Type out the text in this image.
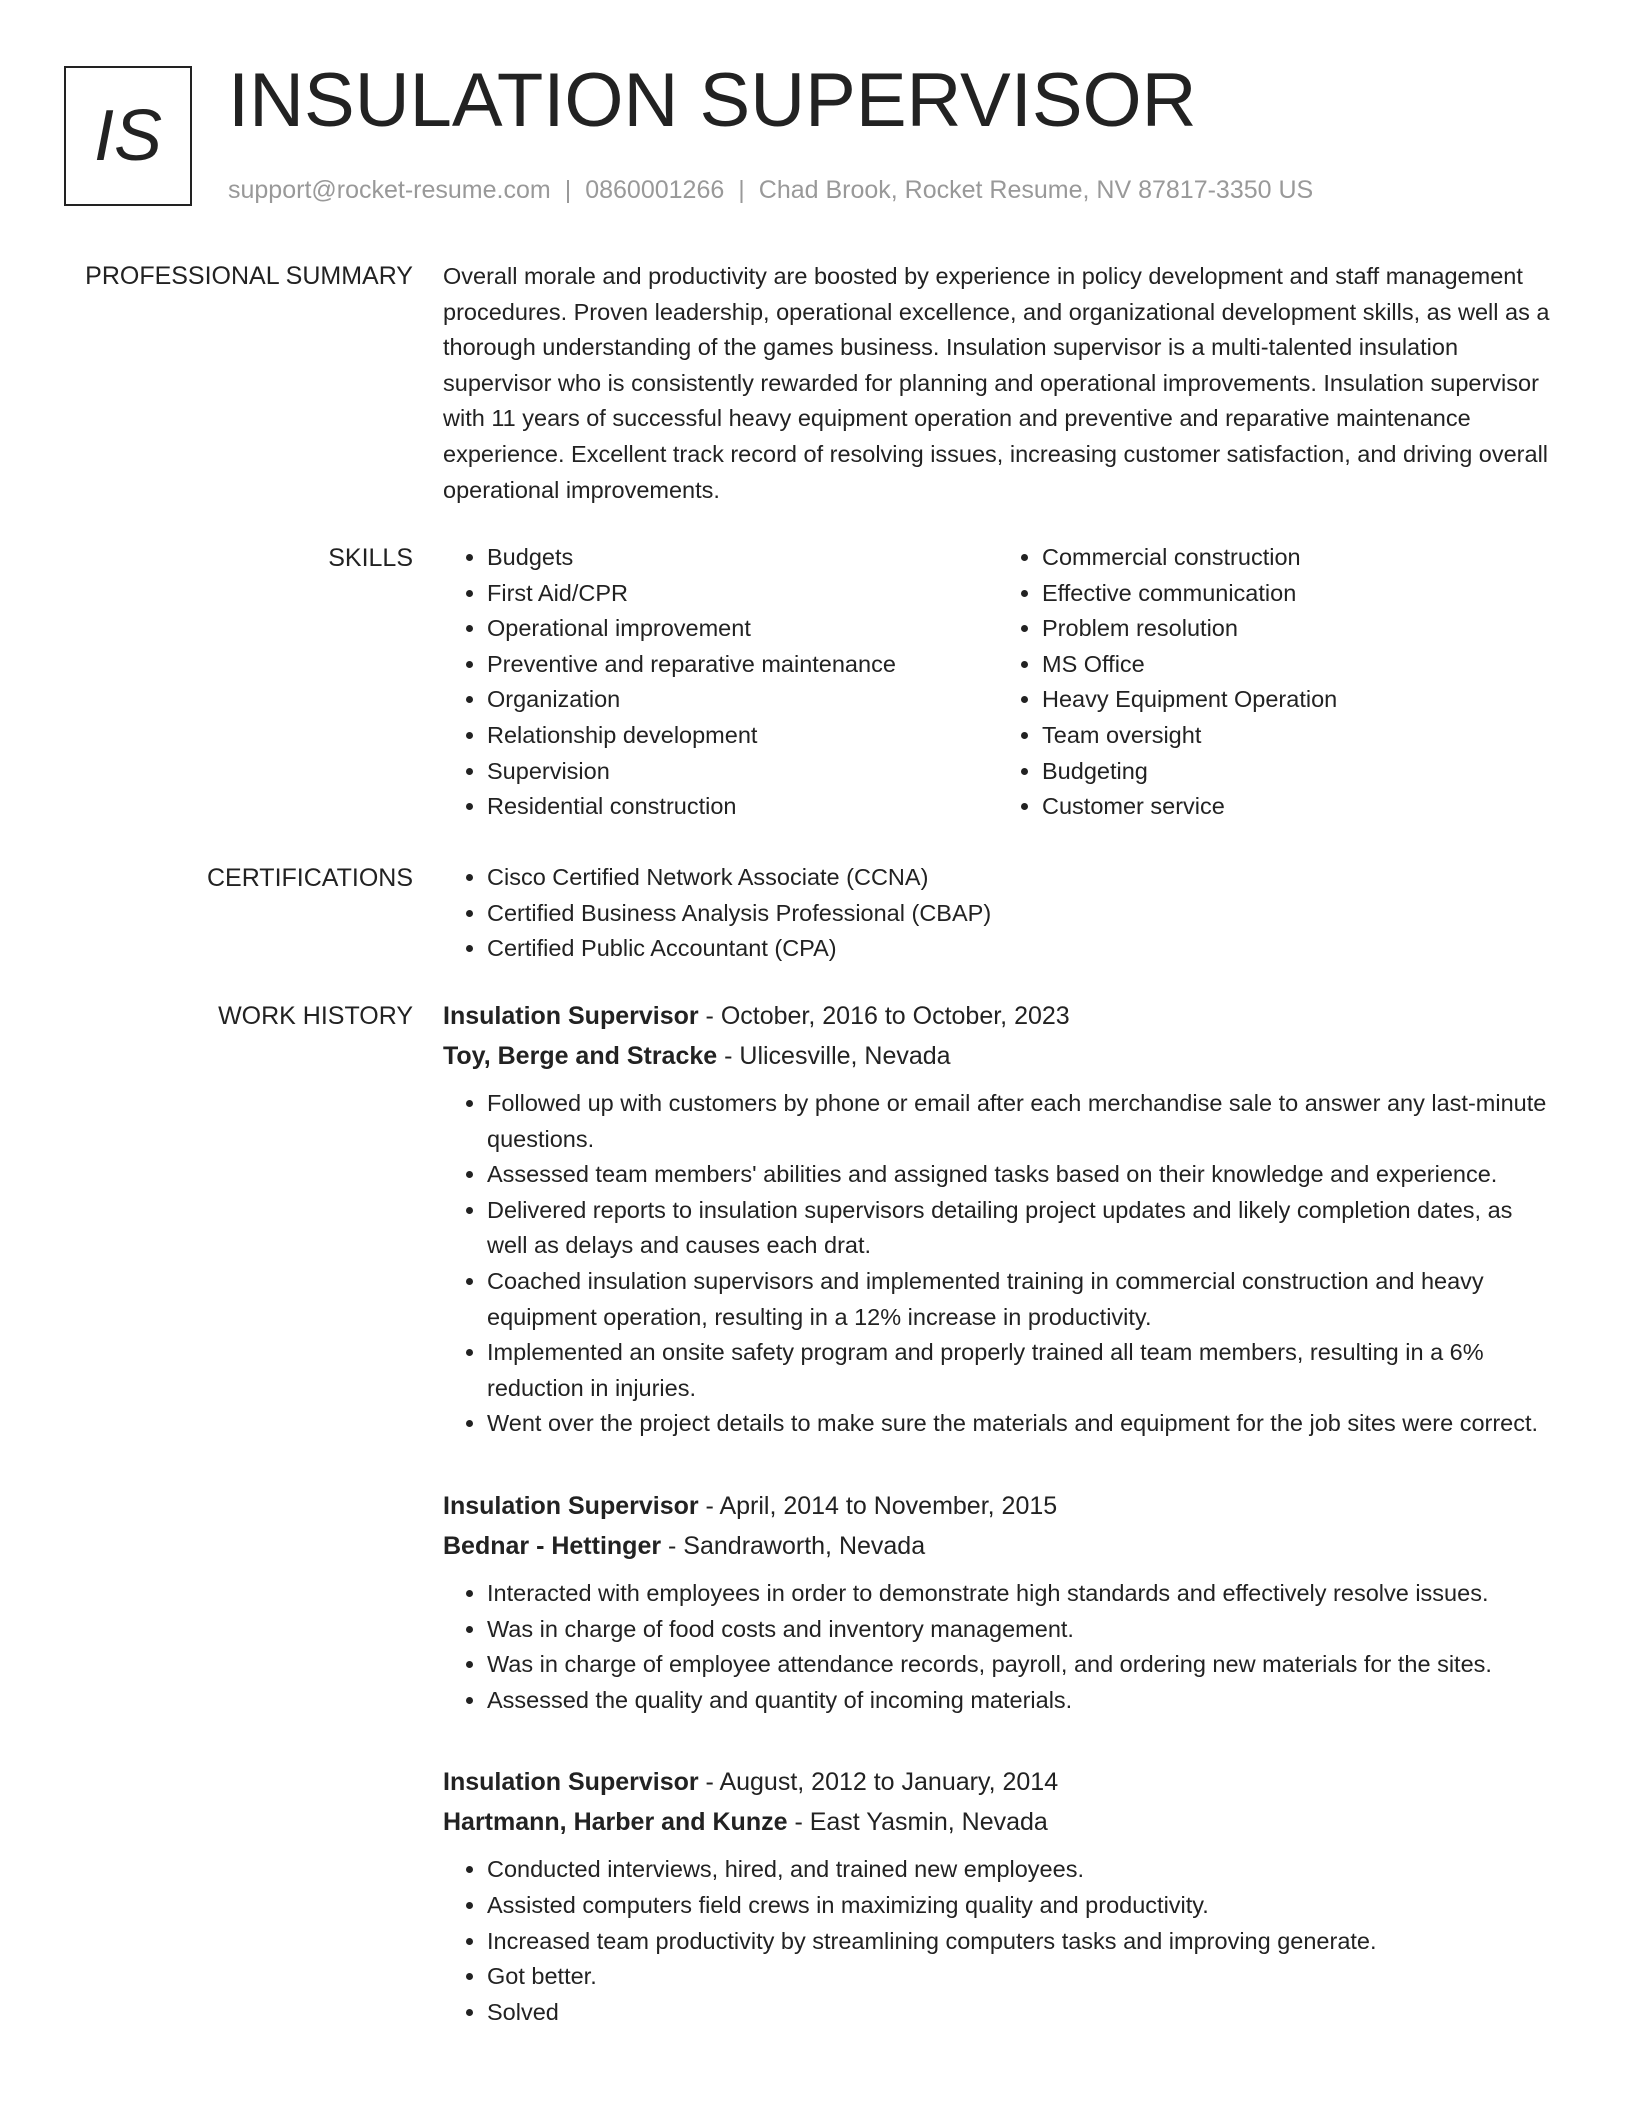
IS INSULATION SUPERVISOR
support@rocket-resume.com | 0860001266 | Chad Brook, Rocket Resume, NV 87817-3350 US
PROFESSIONAL SUMMARY Overall morale and productivity are boosted by experience in policy development and staff management procedures. Proven leadership, operational excellence, and organizational development skills, as well as a thorough understanding of the games business. Insulation supervisor is a multi-talented insulation supervisor who is consistently rewarded for planning and operational improvements. Insulation supervisor with 11 years of successful heavy equipment operation and preventive and reparative maintenance experience. Excellent track record of resolving issues, increasing customer satisfaction, and driving overall operational improvements.
SKILLS	• Budgets
• First Aid/CPR
• Operational improvement
• Preventive and reparative maintenance
• Organization
• Relationship development
• Supervision
• Residential construction
• Commercial construction
• Effective communication
• Problem resolution
• MS Office
• Heavy Equipment Operation
• Team oversight
• Budgeting
• Customer service
CERTIFICATIONS	• Cisco Certified Network Associate (CCNA)
• Certified Business Analysis Professional (CBAP)
• Certified Public Accountant (CPA)
WORK HISTORY Insulation Supervisor - October, 2016 to October, 2023
Toy, Berge and Stracke - Ulicesville, Nevada
• Followed up with customers by phone or email after each merchandise sale to answer any last-minute questions.
• Assessed team members' abilities and assigned tasks based on their knowledge and experience.
• Delivered reports to insulation supervisors detailing project updates and likely completion dates, as well as delays and causes each drat.
• Coached insulation supervisors and implemented training in commercial construction and heavy equipment operation, resulting in a 12% increase in productivity.
• Implemented an onsite safety program and properly trained all team members, resulting in a 6% reduction in injuries.
• Went over the project details to make sure the materials and equipment for the job sites were correct.
Insulation Supervisor - April, 2014 to November, 2015
Bednar - Hettinger - Sandraworth, Nevada
• Interacted with employees in order to demonstrate high standards and effectively resolve issues.
• Was in charge of food costs and inventory management.
• Was in charge of employee attendance records, payroll, and ordering new materials for the sites.
• Assessed the quality and quantity of incoming materials.
Insulation Supervisor - August, 2012 to January, 2014
Hartmann, Harber and Kunze - East Yasmin, Nevada
• Conducted interviews, hired, and trained new employees.
• Assisted computers field crews in maximizing quality and productivity.
• Increased team productivity by streamlining computers tasks and improving generate.
• Got better.
• Solved
